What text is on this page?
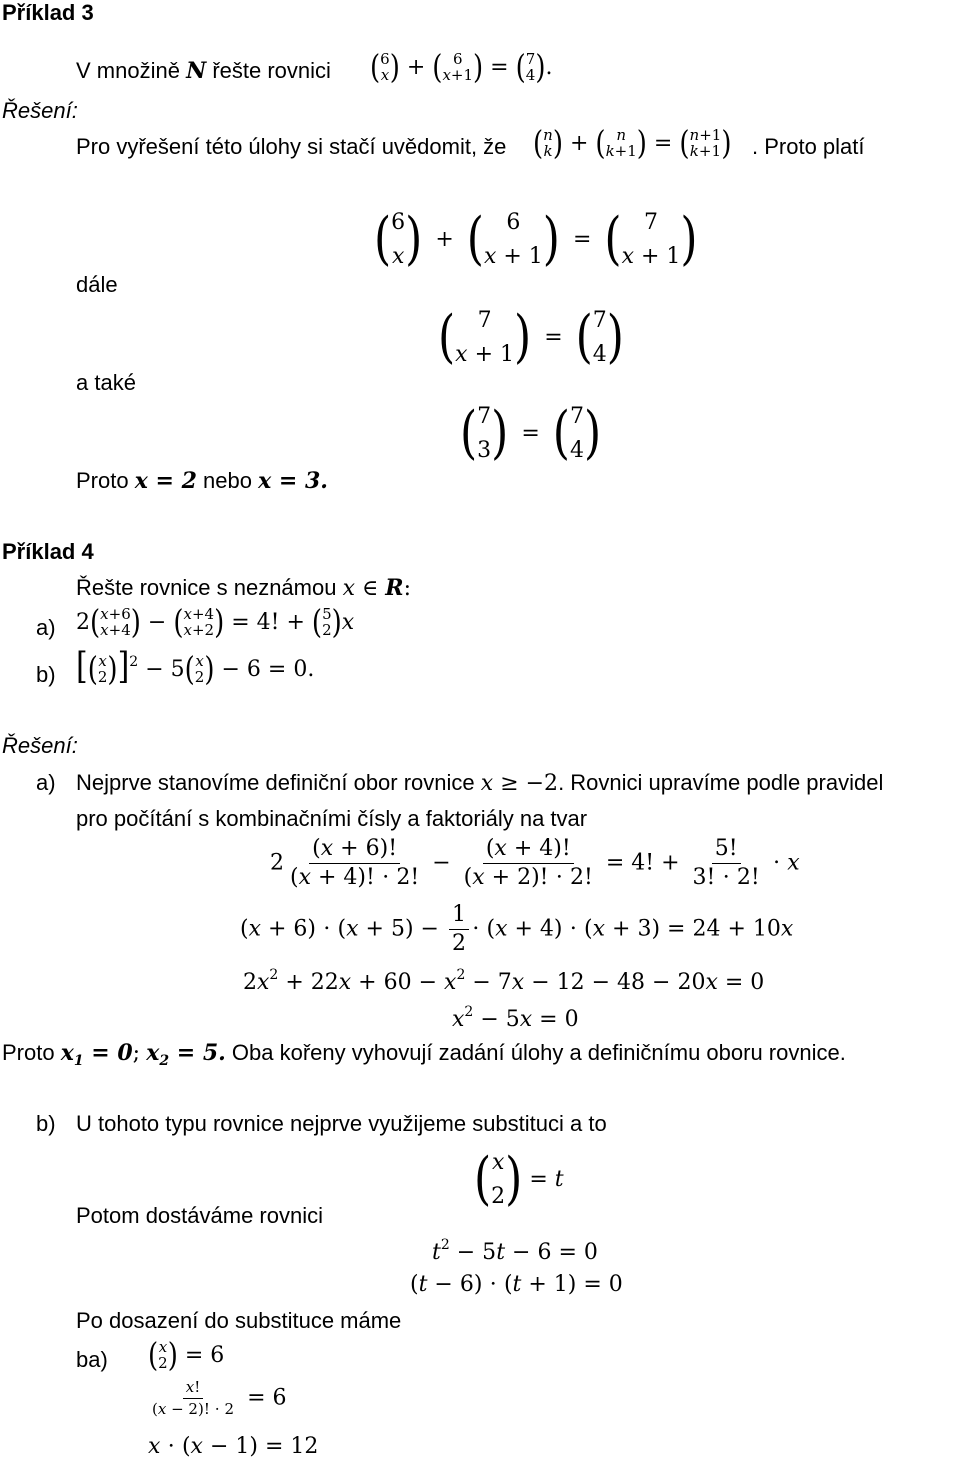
Příklad 3
V množině N řešte rovnici ( 6
x ) + ( 6
x+1 ) = ( 7
4 ) .
Řešení:
Pro vyřešení této úlohy si stačí uvědomit, že ( n
k ) + ( n
k+1 ) = ( n+1
k+1 ) . Proto platí
( 6
x ) + ( 6
x + 1 ) = ( 7
x + 1 )
dále
( 7
x + 1 ) = ( 7
4 )
a také
( 7
3 ) = ( 7
4 )
Proto x = 2 nebo x = 3.
Příklad 4
Řešte rovnice s neznámou x ∈ R:
a) 2 ( x+6
x+4 ) − ( x+4
x+2 ) = 4! + ( 5
2 ) x
b) [ ( x
2 ) ]$^2$ − 5 ( x
2 ) − 6 = 0.
Řešení:
a) Nejprve stanovíme definiční obor rovnice x ≥ −2. Rovnici upravíme podle pravidel
pro počítání s kombinačními čísly a faktoriály na tvar
$2 \frac{(x + 6)!}{(x + 4)! \cdot 2!} - \frac{(x + 4)!}{(x + 2)! \cdot 2!} = 4$! + $\frac{5!}{3! \cdot 2!} \cdot x$
$(x + 6) \cdot (x + 5) - \frac{1}{2} \cdot (x + 4) \cdot (x + 3) = 24 + 10x$
$2x^2 + 22x + 60 - x^2 - 7x - 12 - 48 - 20x = 0$
$x^2 - 5x = 0$
Proto $x_1 = 0$; $x_2 = 5$. Oba kořeny vyhovují zadání úlohy a definičnímu oboru rovnice.
b) U tohoto typu rovnice nejprve využijeme substituci a to
( x
2 ) = t
Potom dostáváme rovnici
$t^2 - 5t - 6 = 0$
(t − 6) ⋅ (t + 1) = 0
Po dosazení do substituce máme
ba) ( x
2 ) = 6
$\frac{x!}{(x - 2)! \cdot 2} = 6$
x ⋅ (x − 1) = 12
